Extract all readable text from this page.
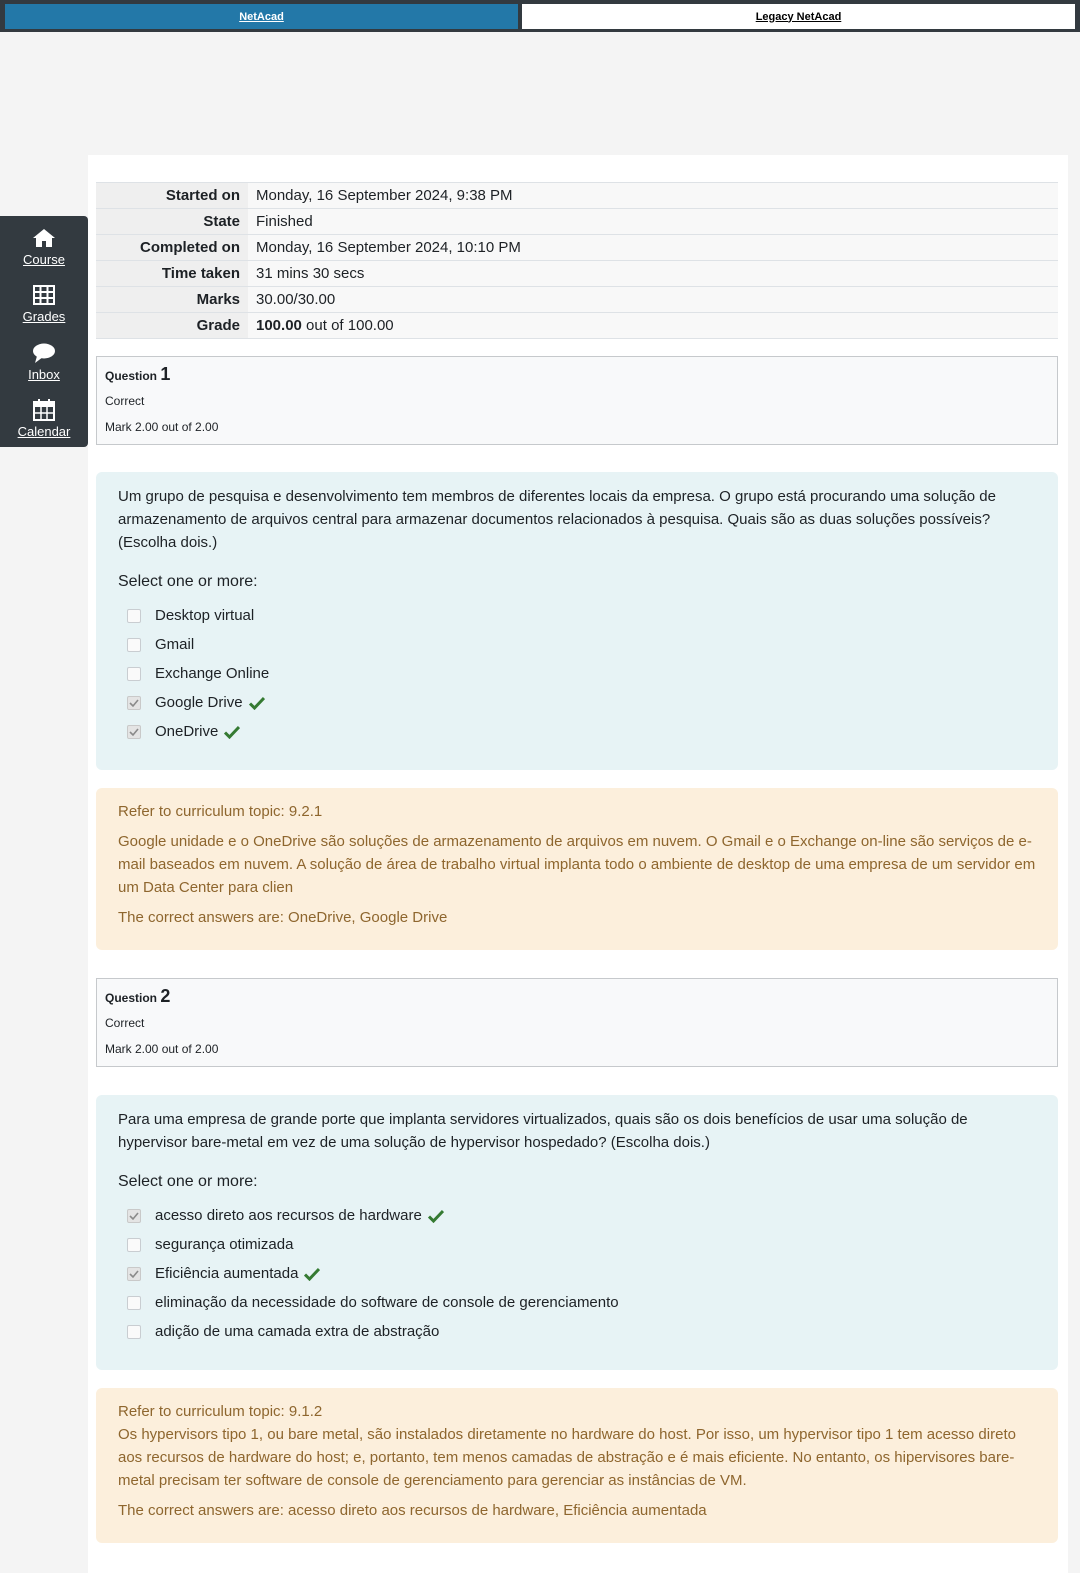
NetAcad	Legacy NetAcad
Course
Grades
Inbox
Calendar
Started on	Monday, 16 September 2024, 9:38 PM
State	Finished
Completed on	Monday, 16 September 2024, 10:10 PM
Time taken	31 mins 30 secs
Marks	30.00/30.00
Grade	100.00 out of 100.00
Question 1
Correct
Mark 2.00 out of 2.00
Um grupo de pesquisa e desenvolvimento tem membros de diferentes locais da empresa. O grupo está procurando uma solução de armazenamento de arquivos central para armazenar documentos relacionados à pesquisa. Quais são as duas soluções possíveis? (Escolha dois.)
Select one or more:
Desktop virtual
Gmail
Exchange Online
Google Drive
OneDrive
Refer to curriculum topic: 9.2.1
Google unidade e o OneDrive são soluções de armazenamento de arquivos em nuvem. O Gmail e o Exchange on-line são serviços de e-mail baseados em nuvem. A solução de área de trabalho virtual implanta todo o ambiente de desktop de uma empresa de um servidor em um Data Center para clien
The correct answers are: OneDrive, Google Drive
Question 2
Correct
Mark 2.00 out of 2.00
Para uma empresa de grande porte que implanta servidores virtualizados, quais são os dois benefícios de usar uma solução de hypervisor bare-metal em vez de uma solução de hypervisor hospedado? (Escolha dois.)
Select one or more:
acesso direto aos recursos de hardware
segurança otimizada
Eficiência aumentada
eliminação da necessidade do software de console de gerenciamento
adição de uma camada extra de abstração
Refer to curriculum topic: 9.1.2
Os hypervisors tipo 1, ou bare metal, são instalados diretamente no hardware do host. Por isso, um hypervisor tipo 1 tem acesso direto aos recursos de hardware do host; e, portanto, tem menos camadas de abstração e é mais eficiente. No entanto, os hipervisores bare-metal precisam ter software de console de gerenciamento para gerenciar as instâncias de VM.
The correct answers are: acesso direto aos recursos de hardware, Eficiência aumentada
